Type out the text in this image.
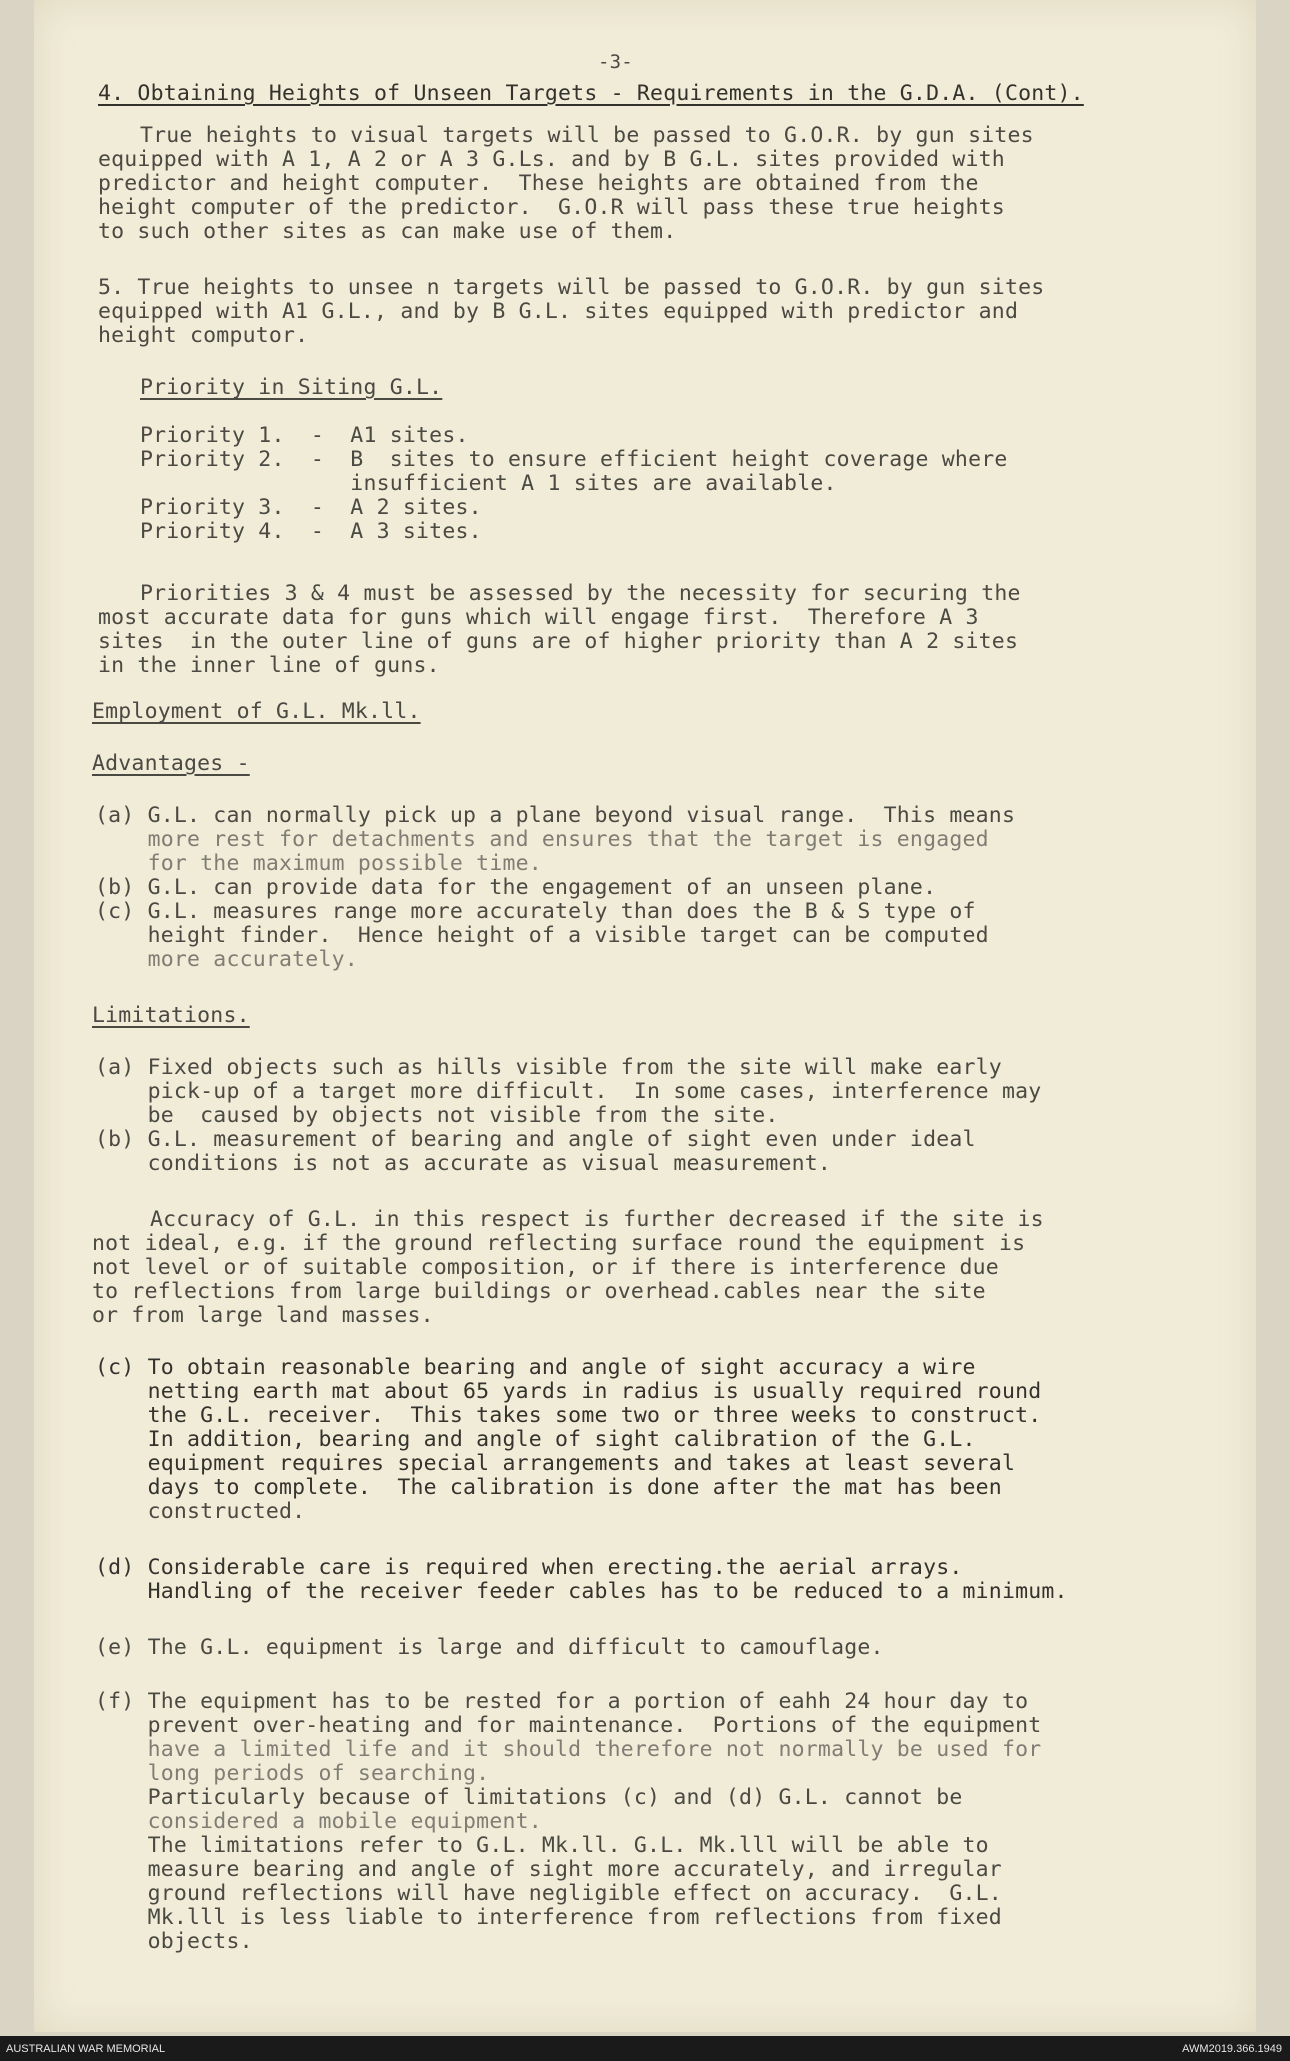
-3-
4. Obtaining Heights of Unseen Targets - Requirements in the G.D.A. (Cont).
True heights to visual targets will be passed to G.O.R. by gun sites
equipped with A 1, A 2 or A 3 G.Ls. and by B G.L. sites provided with
predictor and height computer.  These heights are obtained from the
height computer of the predictor.  G.O.R will pass these true heights
to such other sites as can make use of them.
5. True heights to unsee n targets will be passed to G.O.R. by gun sites
equipped with A1 G.L., and by B G.L. sites equipped with predictor and
height computor.
Priority in Siting G.L.
Priority 1.  -  A1 sites.
Priority 2.  -  B  sites to ensure efficient height coverage where
insufficient A 1 sites are available.
Priority 3.  -  A 2 sites.
Priority 4.  -  A 3 sites.
Priorities 3 & 4 must be assessed by the necessity for securing the
most accurate data for guns which will engage first.  Therefore A 3
sites  in the outer line of guns are of higher priority than A 2 sites
in the inner line of guns.
Employment of G.L. Mk.ll.
Advantages -
(a) G.L. can normally pick up a plane beyond visual range.  This means
more rest for detachments and ensures that the target is engaged
for the maximum possible time.
(b) G.L. can provide data for the engagement of an unseen plane.
(c) G.L. measures range more accurately than does the B & S type of
height finder.  Hence height of a visible target can be computed
more accurately.
Limitations.
(a) Fixed objects such as hills visible from the site will make early
pick-up of a target more difficult.  In some cases, interference may
be  caused by objects not visible from the site.
(b) G.L. measurement of bearing and angle of sight even under ideal
conditions is not as accurate as visual measurement.
Accuracy of G.L. in this respect is further decreased if the site is
not ideal, e.g. if the ground reflecting surface round the equipment is
not level or of suitable composition, or if there is interference due
to reflections from large buildings or overhead.cables near the site
or from large land masses.
(c) To obtain reasonable bearing and angle of sight accuracy a wire
netting earth mat about 65 yards in radius is usually required round
the G.L. receiver.  This takes some two or three weeks to construct.
In addition, bearing and angle of sight calibration of the G.L.
equipment requires special arrangements and takes at least several
days to complete.  The calibration is done after the mat has been
constructed.
(d) Considerable care is required when erecting.the aerial arrays.
Handling of the receiver feeder cables has to be reduced to a minimum.
(e) The G.L. equipment is large and difficult to camouflage.
(f) The equipment has to be rested for a portion of eahh 24 hour day to
prevent over-heating and for maintenance.  Portions of the equipment
have a limited life and it should therefore not normally be used for
long periods of searching.
Particularly because of limitations (c) and (d) G.L. cannot be
considered a mobile equipment.
The limitations refer to G.L. Mk.ll. G.L. Mk.lll will be able to
measure bearing and angle of sight more accurately, and irregular
ground reflections will have negligible effect on accuracy.  G.L.
Mk.lll is less liable to interference from reflections from fixed
objects.
AUSTRALIAN WAR MEMORIAL	AWM2019.366.1949
